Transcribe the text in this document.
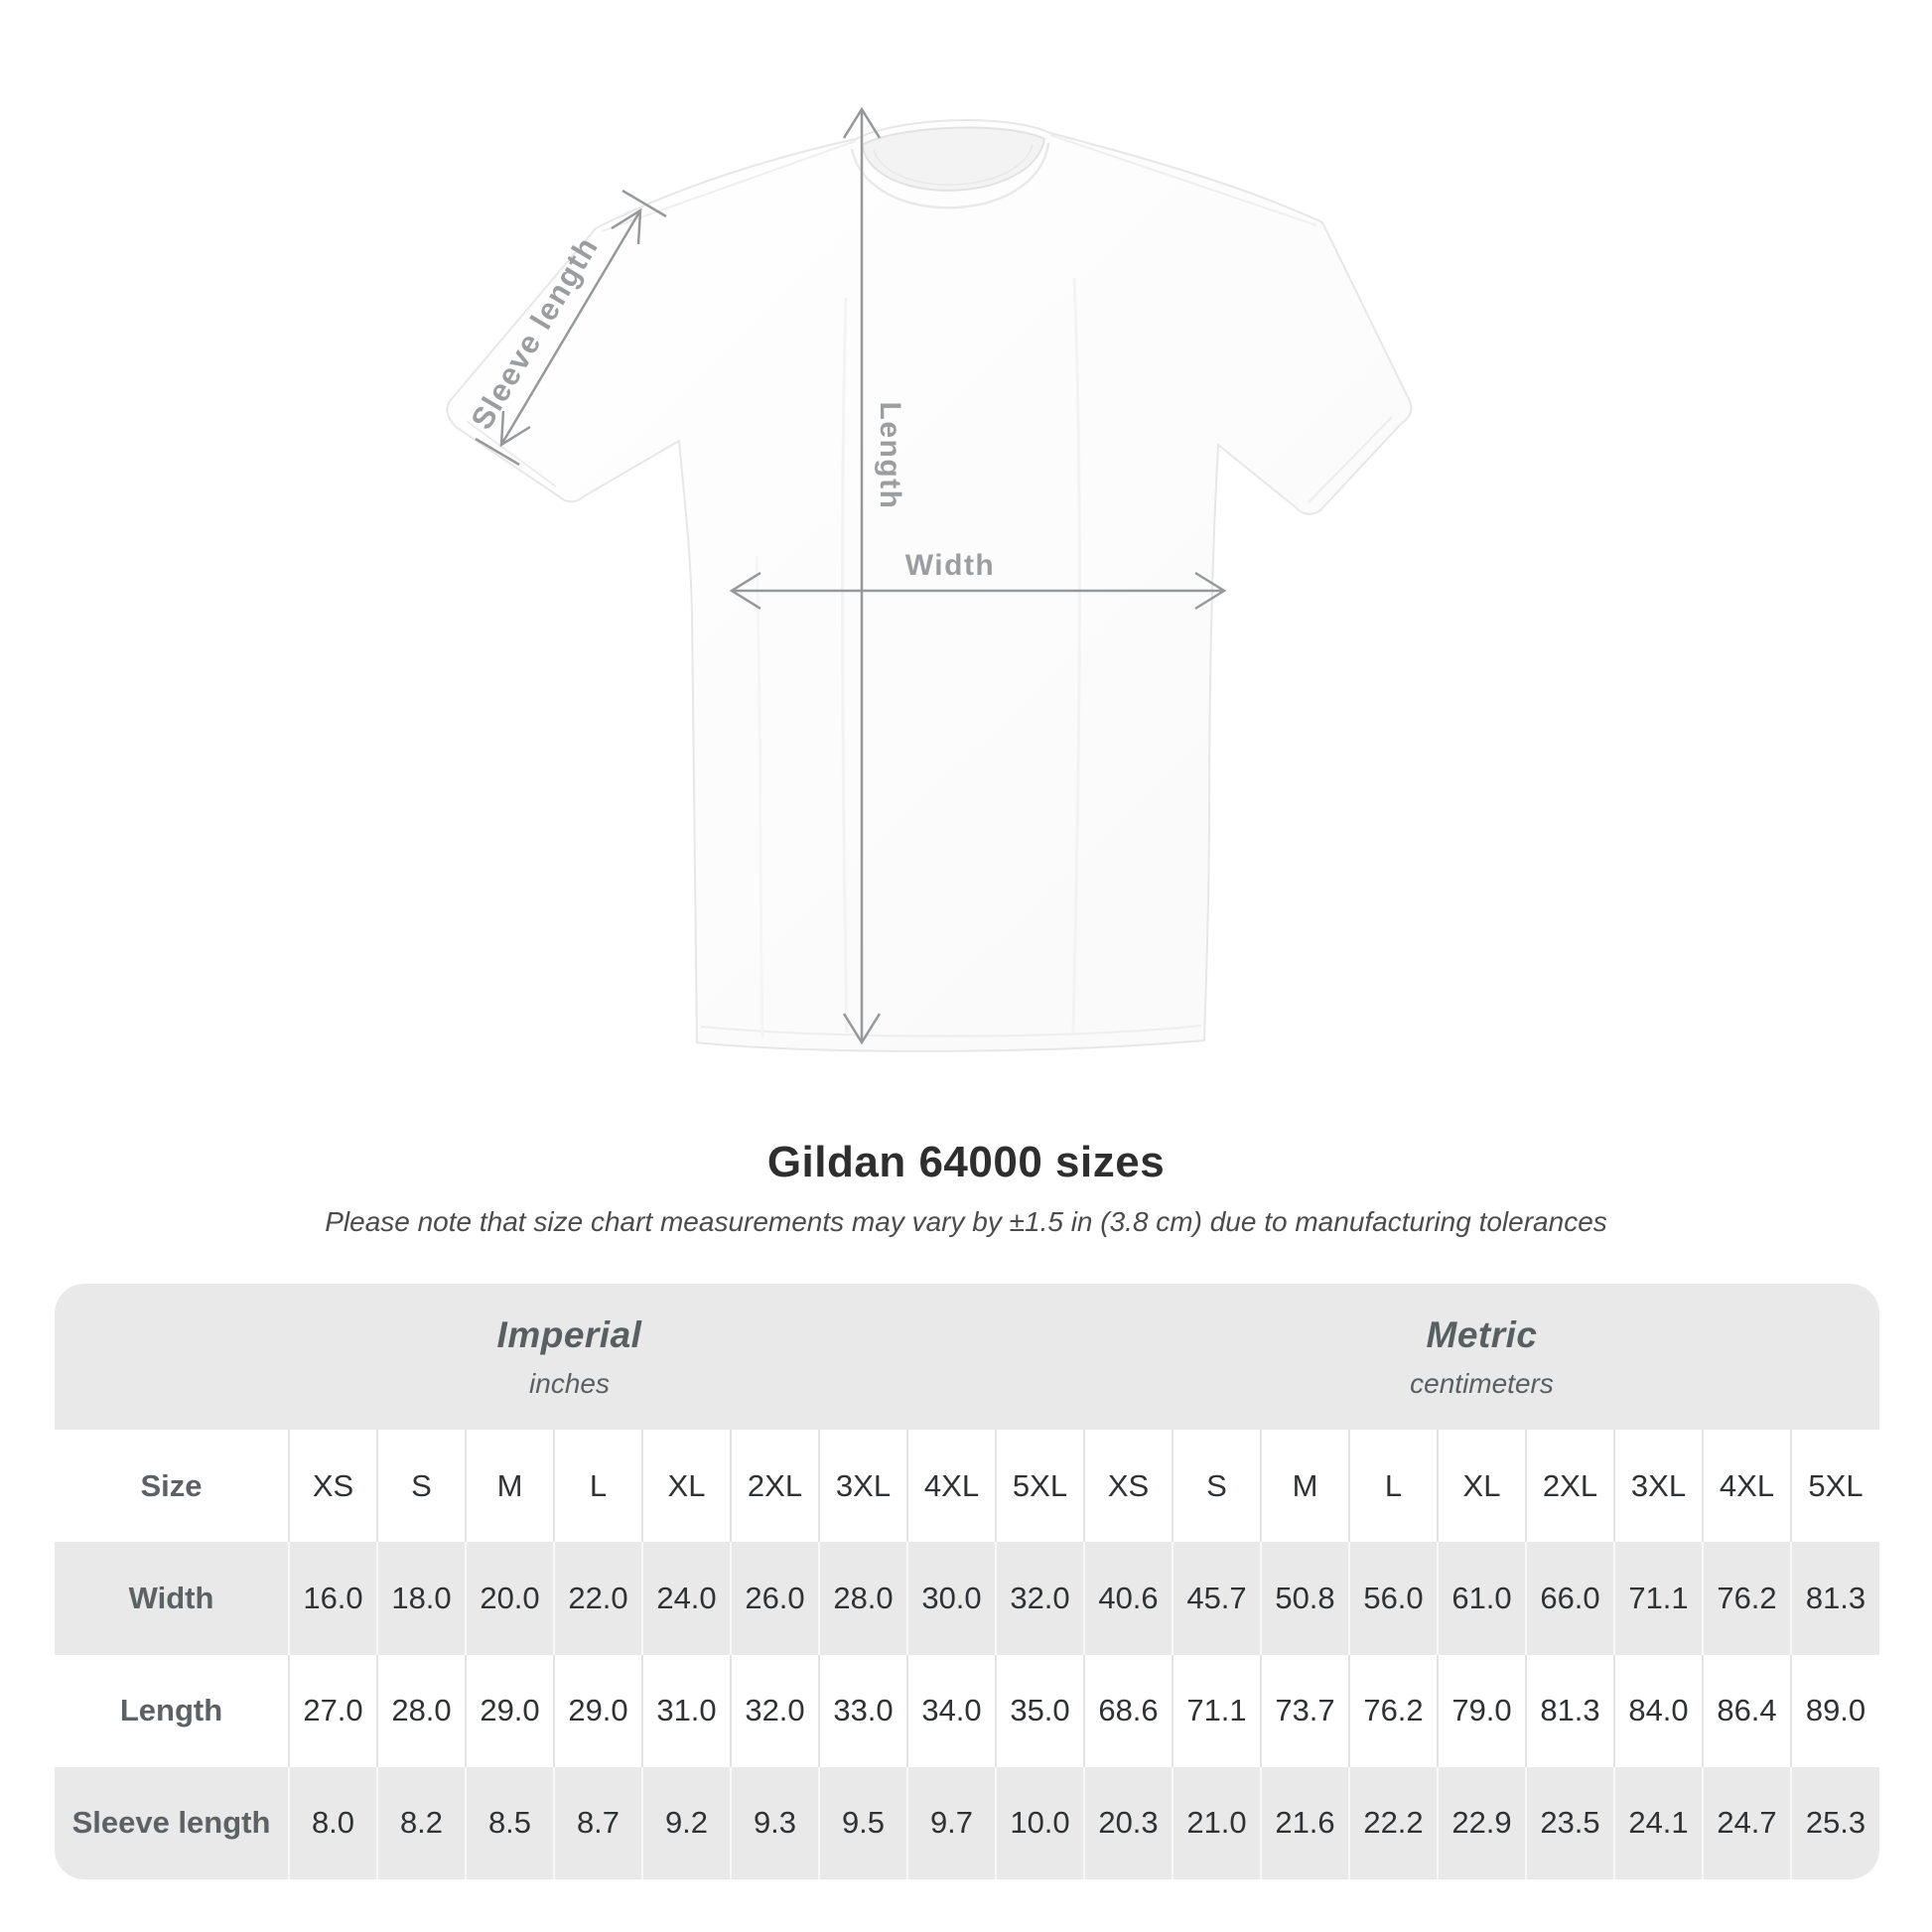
Sleeve length
Length
Width
Gildan 64000 sizes
Please note that size chart measurements may vary by ±1.5 in (3.8 cm) due to manufacturing tolerances
Imperial
inches

Metric
centimeters

Size	XS	S	M	L	XL	2XL	3XL	4XL	5XL	XS	S	M	L	XL	2XL	3XL	4XL	5XL
Width	16.0	18.0	20.0	22.0	24.0	26.0	28.0	30.0	32.0	40.6	45.7	50.8	56.0	61.0	66.0	71.1	76.2	81.3
Length	27.0	28.0	29.0	29.0	31.0	32.0	33.0	34.0	35.0	68.6	71.1	73.7	76.2	79.0	81.3	84.0	86.4	89.0
Sleeve length	8.0	8.2	8.5	8.7	9.2	9.3	9.5	9.7	10.0	20.3	21.0	21.6	22.2	22.9	23.5	24.1	24.7	25.3
